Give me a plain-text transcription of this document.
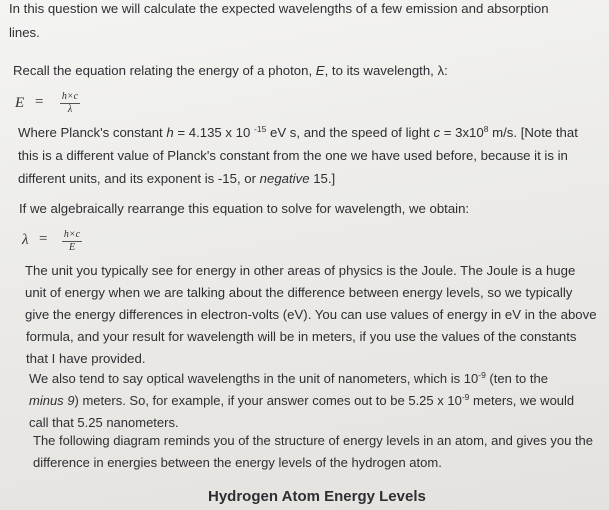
In this question we will calculate the expected wavelengths of a few emission and absorption

lines.

Recall the equation relating the energy of a photon, E, to its wavelength, λ:

E = h×c
λ

Where Planck's constant h = 4.135 x 10 $^{-15}$ eV s, and the speed of light $c = 3x10^8$ m/s. [Note that

this is a different value of Planck's constant from the one we have used before, because it is in

different units, and its exponent is -15, or negative 15.]

If we algebraically rearrange this equation to solve for wavelength, we obtain:

λ = h×c
E

The unit you typically see for energy in other areas of physics is the Joule. The Joule is a huge

unit of energy when we are talking about the difference between energy levels, so we typically

give the energy differences in electron-volts (eV). You can use values of energy in eV in the above

formula, and your result for wavelength will be in meters, if you use the values of the constants

that I have provided.

We also tend to say optical wavelengths in the unit of nanometers, which is $10^{-9}$ (ten to the

minus 9) meters. So, for example, if your answer comes out to be 5.25 x $10^{-9}$ meters, we would

call that 5.25 nanometers.

The following diagram reminds you of the structure of energy levels in an atom, and gives you the

difference in energies between the energy levels of the hydrogen atom.

Hydrogen Atom Energy Levels
